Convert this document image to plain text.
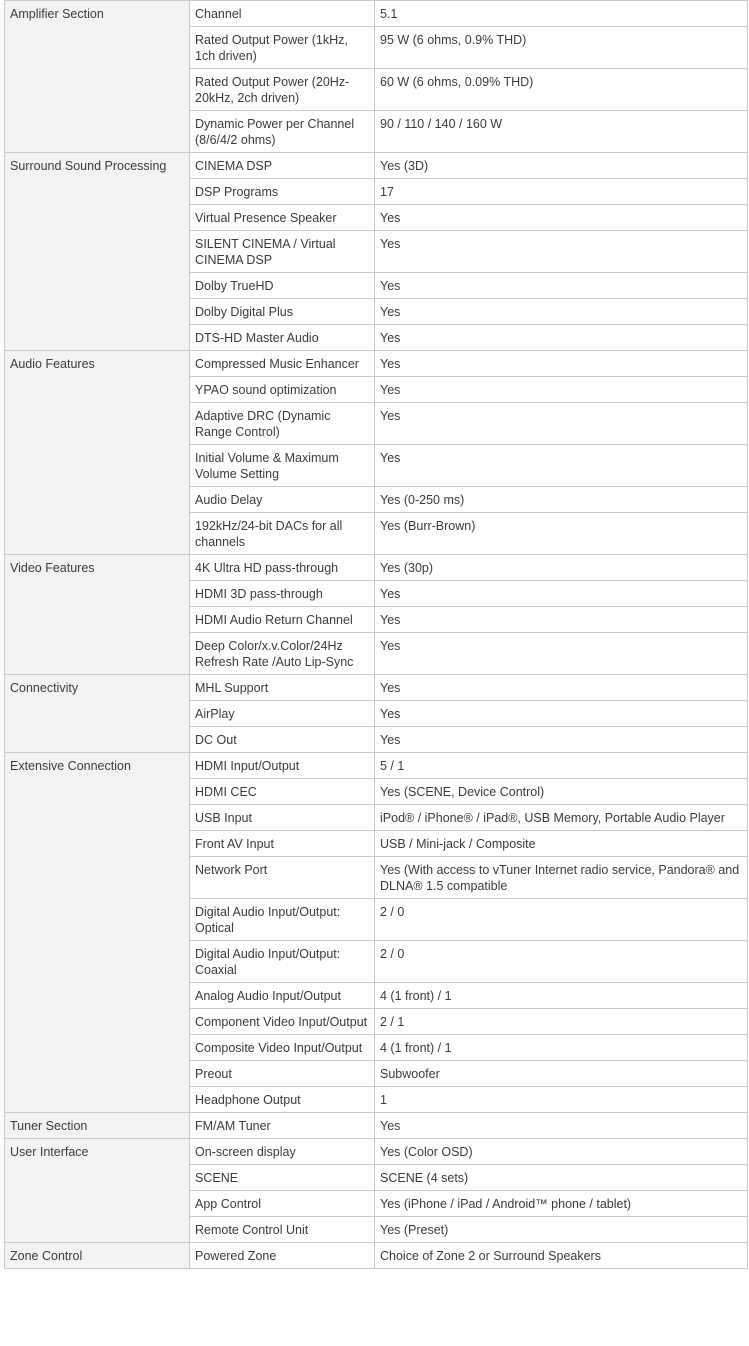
Amplifier Section	Channel	5.1
	Rated Output Power (1kHz, 1ch driven)	95 W (6 ohms, 0.9% THD)
	Rated Output Power (20Hz-20kHz, 2ch driven)	60 W (6 ohms, 0.09% THD)
	Dynamic Power per Channel (8/6/4/2 ohms)	90 / 110 / 140 / 160 W
Surround Sound Processing	CINEMA DSP	Yes (3D)
	DSP Programs	17
	Virtual Presence Speaker	Yes
	SILENT CINEMA / Virtual CINEMA DSP	Yes
	Dolby TrueHD	Yes
	Dolby Digital Plus	Yes
	DTS-HD Master Audio	Yes
Audio Features	Compressed Music Enhancer	Yes
	YPAO sound optimization	Yes
	Adaptive DRC (Dynamic Range Control)	Yes
	Initial Volume & Maximum Volume Setting	Yes
	Audio Delay	Yes (0-250 ms)
	192kHz/24-bit DACs for all channels	Yes (Burr-Brown)
Video Features	4K Ultra HD pass-through	Yes (30p)
	HDMI 3D pass-through	Yes
	HDMI Audio Return Channel	Yes
	Deep Color/x.v.Color/24Hz Refresh Rate /Auto Lip-Sync	Yes
Connectivity	MHL Support	Yes
	AirPlay	Yes
	DC Out	Yes
Extensive Connection	HDMI Input/Output	5 / 1
	HDMI CEC	Yes (SCENE, Device Control)
	USB Input	iPod® / iPhone® / iPad®, USB Memory, Portable Audio Player
	Front AV Input	USB / Mini-jack / Composite
	Network Port	Yes (With access to vTuner Internet radio service, Pandora® and DLNA® 1.5 compatible
	Digital Audio Input/Output: Optical	2 / 0
	Digital Audio Input/Output: Coaxial	2 / 0
	Analog Audio Input/Output	4 (1 front) / 1
	Component Video Input/Output	2 / 1
	Composite Video Input/Output	4 (1 front) / 1
	Preout	Subwoofer
	Headphone Output	1
Tuner Section	FM/AM Tuner	Yes
User Interface	On-screen display	Yes (Color OSD)
	SCENE	SCENE (4 sets)
	App Control	Yes (iPhone / iPad / Android™ phone / tablet)
	Remote Control Unit	Yes (Preset)
Zone Control	Powered Zone	Choice of Zone 2 or Surround Speakers
